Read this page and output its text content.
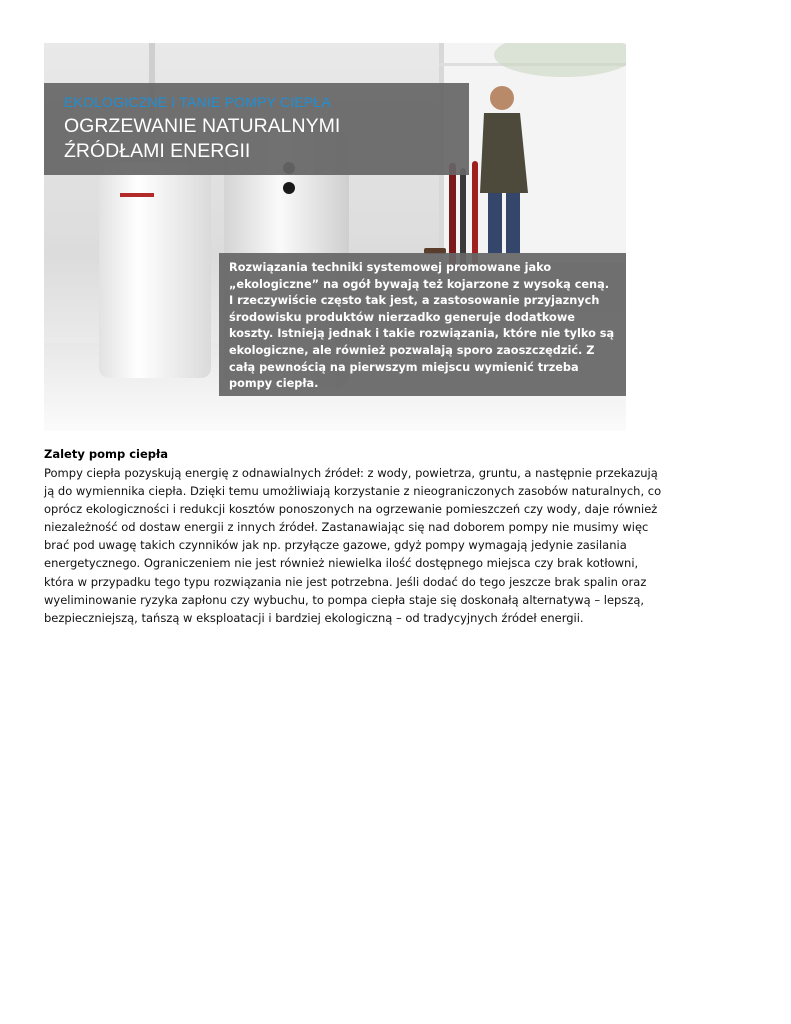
EKOLOGICZNE I TANIE POMPY CIEPŁA
OGRZEWANIE NATURALNYMI
ŹRÓDŁAMI ENERGII

Rozwiązania techniki systemowej promowane jako „ekologiczne” na ogół bywają też kojarzone z wysoką ceną. I rzeczywiście często tak jest, a zastosowanie przyjaznych środowisku produktów nierzadko generuje dodatkowe koszty. Istnieją jednak i takie rozwiązania, które nie tylko są ekologiczne, ale również pozwalają sporo zaoszczędzić. Z całą pewnością na pierwszym miejscu wymienić trzeba pompy ciepła.

Zalety pomp ciepła

Pompy ciepła pozyskują energię z odnawialnych źródeł: z wody, powietrza, gruntu, a następnie przekazują ją do wymiennika ciepła. Dzięki temu umożliwiają korzystanie z nieograniczonych zasobów naturalnych, co oprócz ekologiczności i redukcji kosztów ponoszonych na ogrzewanie pomieszczeń czy wody, daje również niezależność od dostaw energii z innych źródeł. Zastanawiając się nad doborem pompy nie musimy więc brać pod uwagę takich czynników jak np. przyłącze gazowe, gdyż pompy wymagają jedynie zasilania energetycznego. Ograniczeniem nie jest również niewielka ilość dostępnego miejsca czy brak kotłowni, która w przypadku tego typu rozwiązania nie jest potrzebna. Jeśli dodać do tego jeszcze brak spalin oraz wyeliminowanie ryzyka zapłonu czy wybuchu, to pompa ciepła staje się doskonałą alternatywą – lepszą, bezpieczniejszą, tańszą w eksploatacji i bardziej ekologiczną – od tradycyjnych źródeł energii.
